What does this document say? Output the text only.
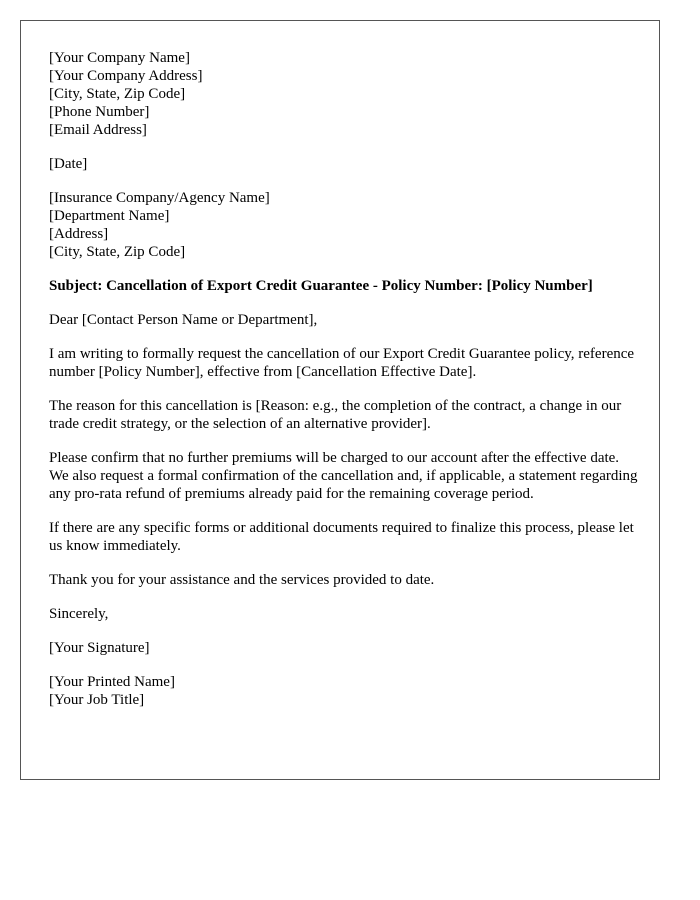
[Your Company Name]
[Your Company Address]
[City, State, Zip Code]
[Phone Number]
[Email Address]
[Date]
[Insurance Company/Agency Name]
[Department Name]
[Address]
[City, State, Zip Code]

Subject: Cancellation of Export Credit Guarantee - Policy Number: [Policy Number]

Dear [Contact Person Name or Department],

I am writing to formally request the cancellation of our Export Credit Guarantee policy, reference number [Policy Number], effective from [Cancellation Effective Date].

The reason for this cancellation is [Reason: e.g., the completion of the contract, a change in our trade credit strategy, or the selection of an alternative provider].

Please confirm that no further premiums will be charged to our account after the effective date. We also request a formal confirmation of the cancellation and, if applicable, a statement regarding any pro-rata refund of premiums already paid for the remaining coverage period.

If there are any specific forms or additional documents required to finalize this process, please let us know immediately.

Thank you for your assistance and the services provided to date.

Sincerely,

[Your Signature]

[Your Printed Name]
[Your Job Title]
